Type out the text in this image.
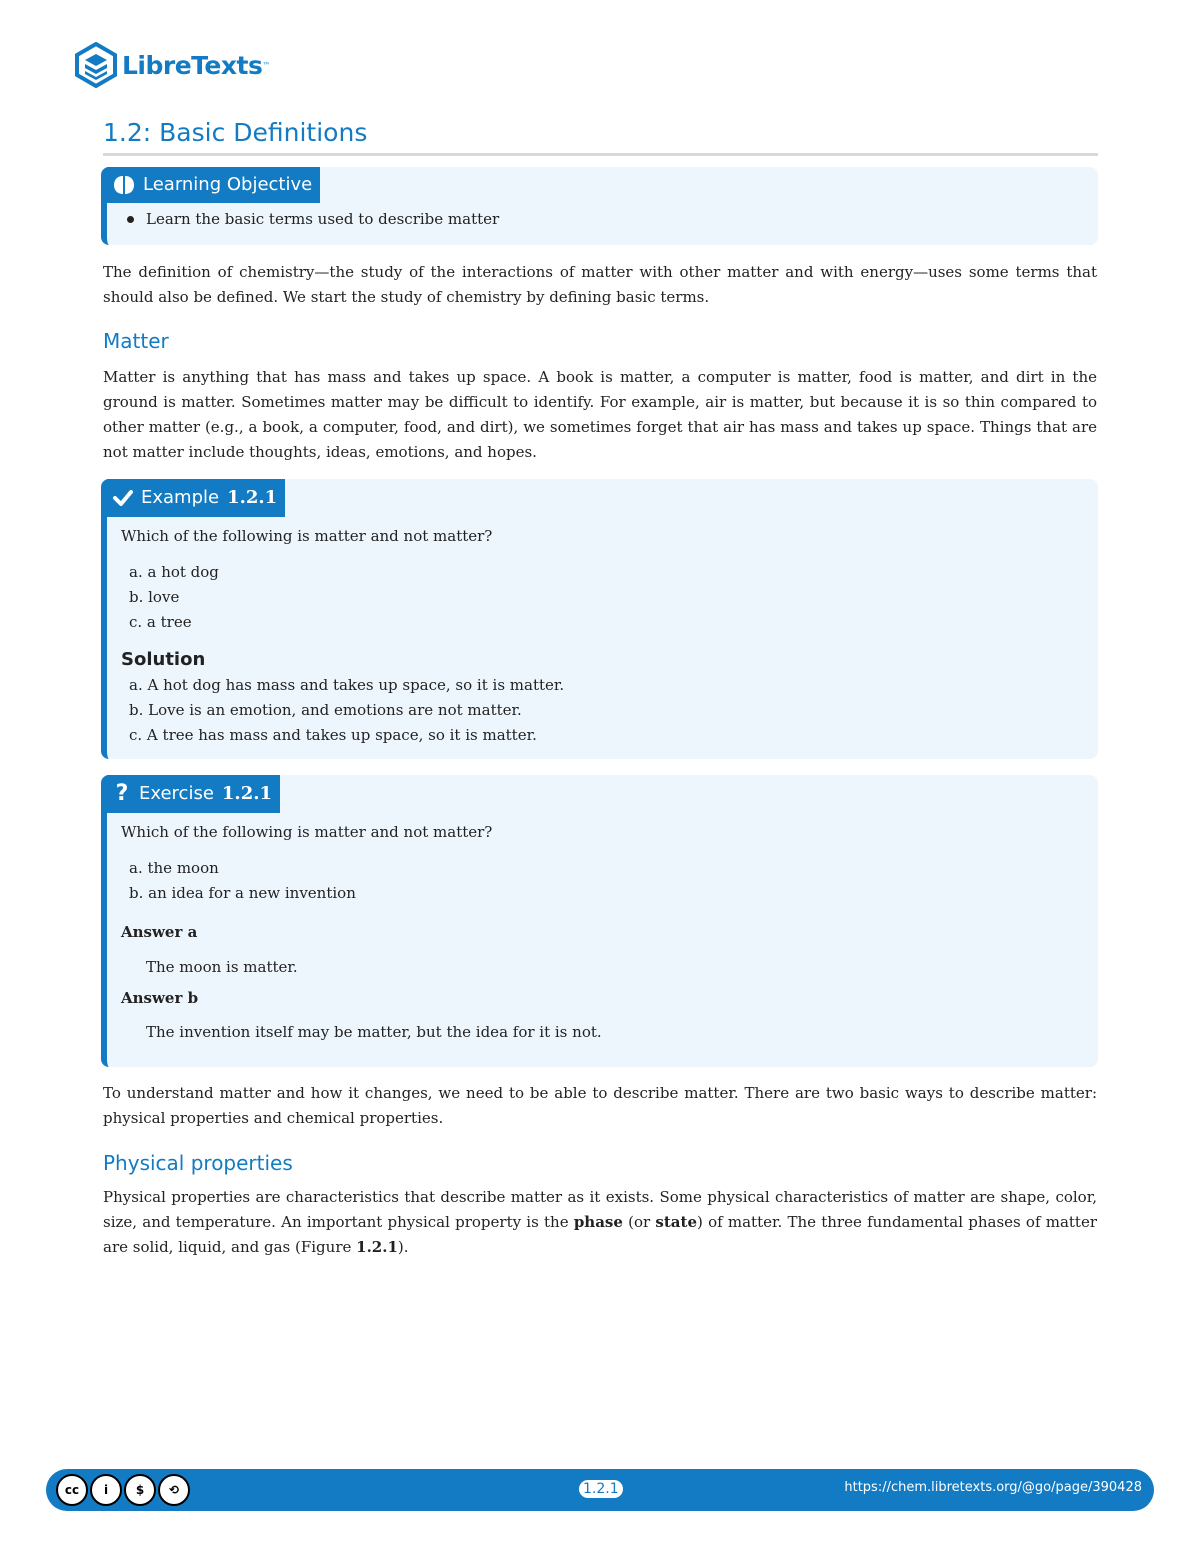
LibreTexts ™
1.2: Basic Definitions
Learning Objective
Learn the basic terms used to describe matter

The definition of chemistry—the study of the interactions of matter with other matter and with energy—uses some terms that should also be defined. We start the study of chemistry by defining basic terms.

Matter

Matter is anything that has mass and takes up space. A book is matter, a computer is matter, food is matter, and dirt in the ground is matter. Sometimes matter may be difficult to identify. For example, air is matter, but because it is so thin compared to other matter (e.g., a book, a computer, food, and dirt), we sometimes forget that air has mass and takes up space. Things that are not matter include thoughts, ideas, emotions, and hopes.

Example 1.2.1

Which of the following is matter and not matter?

a. a hot dog
b. love
c. a tree
Solution
a. A hot dog has mass and takes up space, so it is matter.
b. Love is an emotion, and emotions are not matter.
c. A tree has mass and takes up space, so it is matter.
? Exercise 1.2.1

Which of the following is matter and not matter?

a. the moon
b. an idea for a new invention
Answer a

The moon is matter.

Answer b

The invention itself may be matter, but the idea for it is not.

To understand matter and how it changes, we need to be able to describe matter. There are two basic ways to describe matter: physical properties and chemical properties.

Physical properties

Physical properties are characteristics that describe matter as it exists. Some physical characteristics of matter are shape, color, size, and temperature. An important physical property is the phase (or state) of matter. The three fundamental phases of matter are solid, liquid, and gas (Figure 1.2.1).

cc	i	$	⟲	1.2.1	https://chem.libretexts.org/@go/page/390428
